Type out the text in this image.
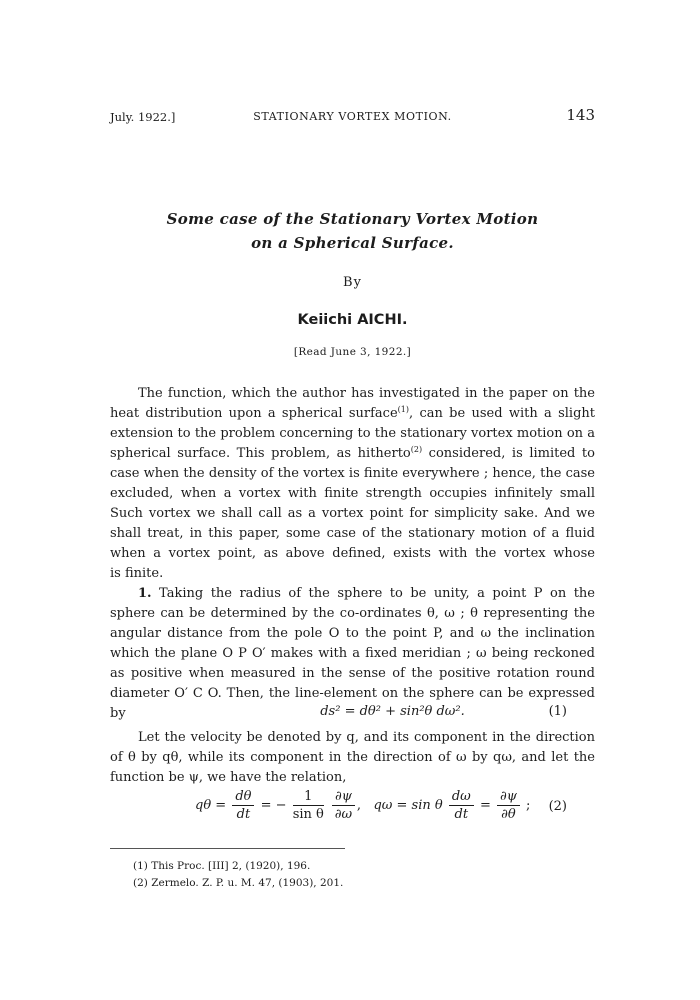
July. 1922.]	STATIONARY VORTEX MOTION.	143
Some case of the Stationary Vortex Motion
on a Spherical Surface.
By
Keiichi AICHI.
[Read June 3, 1922.]
The function, which the author has investigated in the paper on the
heat distribution upon a spherical surface$^{(1)}$, can be used with a slight
extension to the problem concerning to the stationary vortex motion on a
spherical surface. This problem, as hitherto$^{(2)}$ considered, is limited to
case when the density of the vortex is finite everywhere ; hence, the case
excluded, when a vortex with finite strength occupies infinitely small
Such vortex we shall call as a vortex point for simplicity sake. And we
shall treat, in this paper, some case of the stationary motion of a fluid
when a vortex point, as above defined, exists with the vortex whose
is finite.
1. Taking the radius of the sphere to be unity, a point P on the
sphere can be determined by the co-ordinates θ, ω ; θ representing the
angular distance from the pole O to the point P, and ω the inclination
which the plane O P O′ makes with a fixed meridian ; ω being reckoned
as positive when measured in the sense of the positive rotation round
diameter O′ C O. Then, the line-element on the sphere can be expressed
by	ds² = dθ² + sin²θ dω².	(1)
Let the velocity be denoted by q, and its component in the direction
of θ by qθ, while its component in the direction of ω by qω, and let the
function be ψ, we have the relation,
$q\theta = \frac{d\theta}{dt}$ = − $\frac{1}{\text{sin θ}}$
$\frac{\partial\psi}{\partial\omega}$ , qω = sin θ $\frac{d\omega}{dt} = \frac{\partial\psi}{\partial\theta}$ ; (2)
(1) This Proc. [III] 2, (1920), 196.
(2) Zermelo. Z. P. u. M. 47, (1903), 201.
